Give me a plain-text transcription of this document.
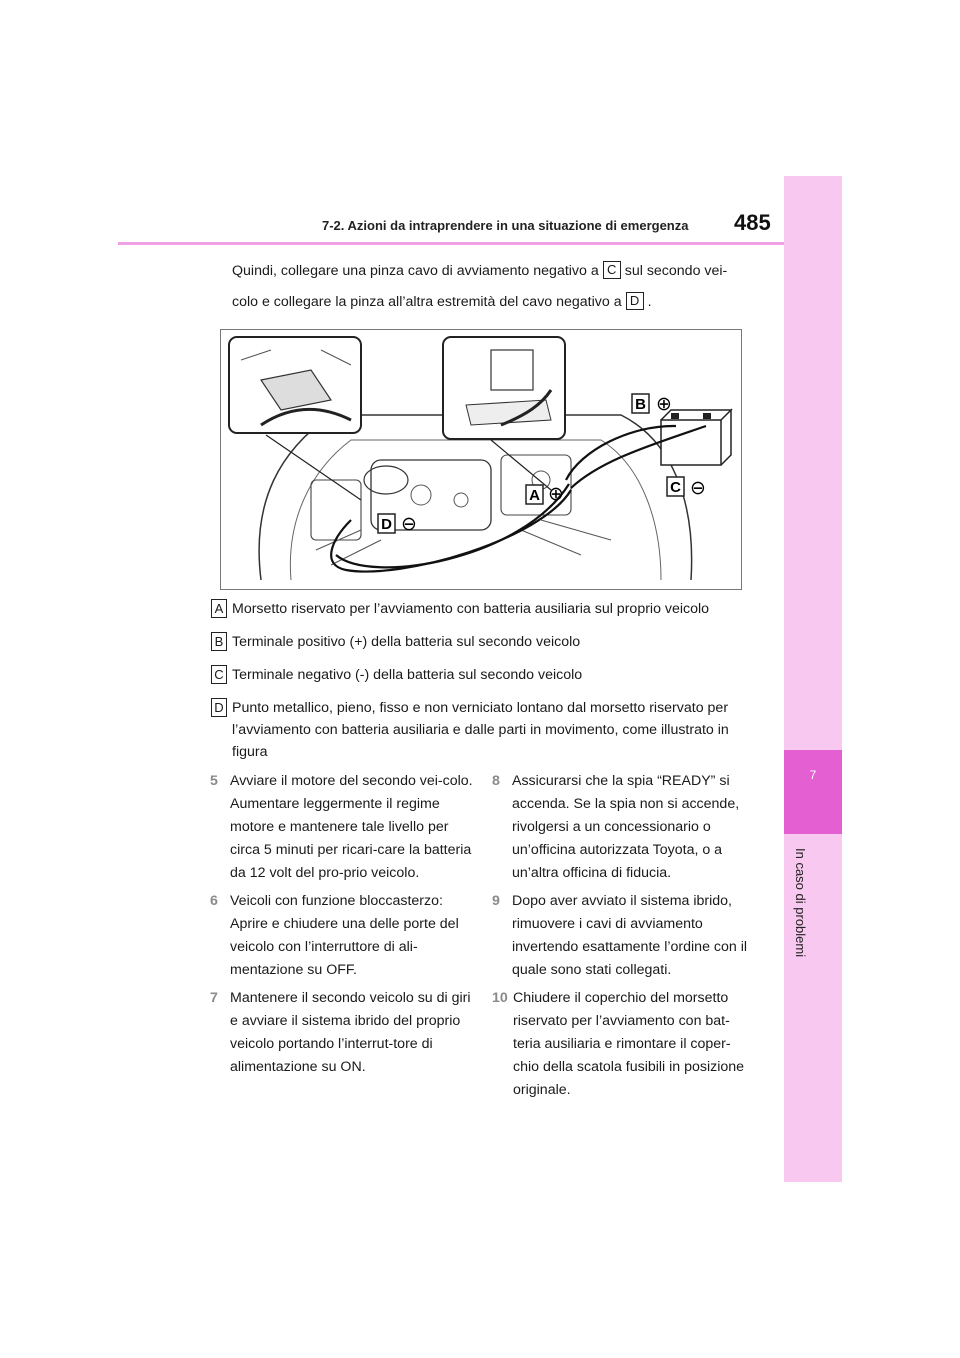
7
In caso di problemi
7-2. Azioni da intraprendere in una situazione di emergenza 485
Quindi, collegare una pinza cavo di avviamento negativo a C sul secondo vei-colo e collegare la pinza all’altra estremità del cavo negativo a D .
B ⊕
C ⊖
A ⊕
D ⊖
A Morsetto riservato per l’avviamento con batteria ausiliaria sul proprio veicolo
B Terminale positivo (+) della batteria sul secondo veicolo
C Terminale negativo (-) della batteria sul secondo veicolo
D Punto metallico, pieno, fisso e non verniciato lontano dal morsetto riservato per l’avviamento con batteria ausiliaria e dalle parti in movimento, come illustrato in figura
5 Avviare il motore del secondo vei-colo. Aumentare leggermente il regime motore e mantenere tale livello per circa 5 minuti per ricari-care la batteria da 12 volt del pro-prio veicolo.
6 Veicoli con funzione bloccasterzo: Aprire e chiudere una delle porte del veicolo con l’interruttore di ali-mentazione su OFF.
7 Mantenere il secondo veicolo su di giri e avviare il sistema ibrido del proprio veicolo portando l’interrut-tore di alimentazione su ON.
8 Assicurarsi che la spia “READY” si accenda. Se la spia non si accende, rivolgersi a un concessionario o un’officina autorizzata Toyota, o a un’altra officina di fiducia.
9 Dopo aver avviato il sistema ibrido, rimuovere i cavi di avviamento invertendo esattamente l’ordine con il quale sono stati collegati.
10 Chiudere il coperchio del morsetto riservato per l’avviamento con bat-teria ausiliaria e rimontare il coper-chio della scatola fusibili in posizione originale.
